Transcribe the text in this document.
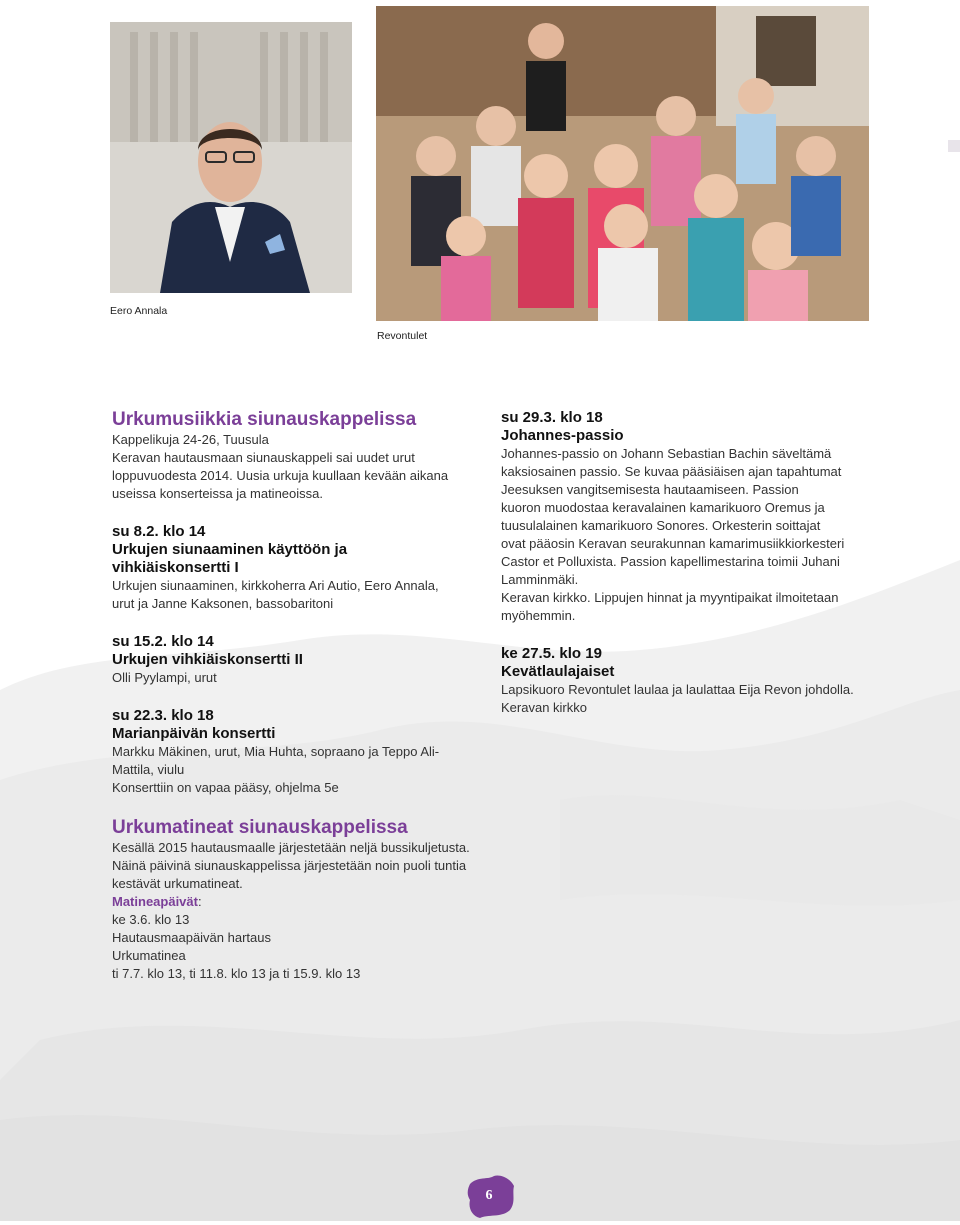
Eero Annala
Revontulet
Urkumusiikkia siunauskappelissa

Kappelikuja 24-26, Tuusula

Keravan hautausmaan siunauskappeli sai uudet urut

loppuvuodesta 2014. Uusia urkuja kuullaan kevään aikana

useissa konserteissa ja matineoissa.

su 8.2. klo 14

Urkujen siunaaminen käyttöön ja

vihkiäiskonsertti I

Urkujen siunaaminen, kirkkoherra Ari Autio, Eero Annala,

urut ja Janne Kaksonen, bassobaritoni

su 15.2. klo 14

Urkujen vihkiäiskonsertti II

Olli Pyylampi, urut

su 22.3. klo 18

Marianpäivän konsertti

Markku Mäkinen, urut, Mia Huhta, sopraano ja Teppo Ali-

Mattila, viulu

Konserttiin on vapaa pääsy, ohjelma 5e

Urkumatineat siunauskappelissa

Kesällä 2015 hautausmaalle järjestetään neljä bussikuljetusta.

Näinä päivinä siunauskappelissa järjestetään noin puoli tuntia

kestävät urkumatineat.

Matineapäivät:

ke 3.6. klo 13

Hautausmaapäivän hartaus

Urkumatinea

ti 7.7. klo 13, ti 11.8. klo 13 ja ti 15.9. klo 13

su 29.3. klo 18

Johannes-passio

Johannes-passio on Johann Sebastian Bachin säveltämä

kaksiosainen passio. Se kuvaa pääsiäisen ajan tapahtumat

Jeesuksen vangitsemisesta hautaamiseen. Passion

kuoron muodostaa keravalainen kamarikuoro Oremus ja

tuusulalainen kamarikuoro Sonores. Orkesterin soittajat

ovat pääosin Keravan seurakunnan kamarimusiikkiorkesteri

Castor et Polluxista. Passion kapellimestarina toimii Juhani

Lamminmäki.

Keravan kirkko. Lippujen hinnat ja myyntipaikat ilmoitetaan

myöhemmin.

ke 27.5. klo 19

Kevätlaulajaiset

Lapsikuoro Revontulet laulaa ja laulattaa Eija Revon johdolla.

Keravan kirkko

6
